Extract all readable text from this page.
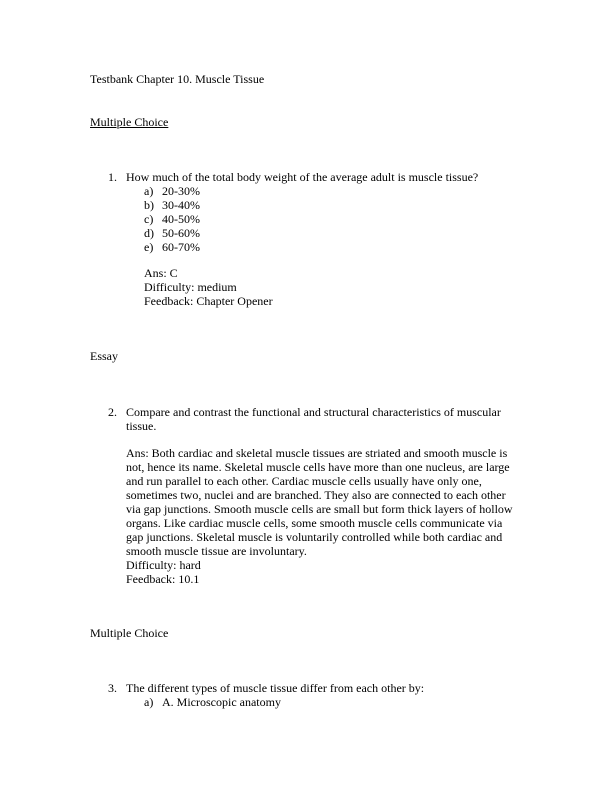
Testbank Chapter 10. Muscle Tissue
Multiple Choice
1. How much of the total body weight of the average adult is muscle tissue?
a) 20-30%
b) 30-40%
c) 40-50%
d) 50-60%
e) 60-70%
Ans: C
Difficulty: medium
Feedback: Chapter Opener
Essay
2. Compare and contrast the functional and structural characteristics of muscular
tissue.
Ans: Both cardiac and skeletal muscle tissues are striated and smooth muscle is
not, hence its name. Skeletal muscle cells have more than one nucleus, are large
and run parallel to each other. Cardiac muscle cells usually have only one,
sometimes two, nuclei and are branched. They also are connected to each other
via gap junctions. Smooth muscle cells are small but form thick layers of hollow
organs. Like cardiac muscle cells, some smooth muscle cells communicate via
gap junctions. Skeletal muscle is voluntarily controlled while both cardiac and
smooth muscle tissue are involuntary.
Difficulty: hard
Feedback: 10.1
Multiple Choice
3. The different types of muscle tissue differ from each other by:
a) A. Microscopic anatomy
